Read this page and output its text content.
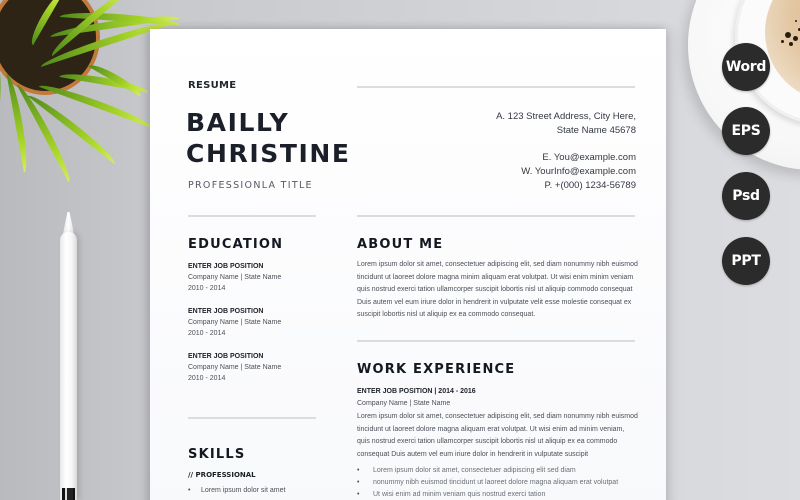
Word
EPS
Psd
PPT
RESUME
BAILLY
CHRISTINE
PROFESSIONLA TITLE
A. 123 Street Address, City Here,
State Name 45678
E. You@example.com
W. YourInfo@example.com
P. +(000) 1234-56789
EDUCATION
ENTER JOB POSITION
Company Name | State Name
2010 - 2014
ENTER JOB POSITION
Company Name | State Name
2010 - 2014
ENTER JOB POSITION
Company Name | State Name
2010 - 2014
SKILLS
// PROFESSIONAL
• Lorem ipsum dolor sit amet
ABOUT ME
Lorem ipsum dolor sit amet, consectetuer adipiscing elit, sed diam nonummy nibh euismod tincidunt ut laoreet dolore magna minim aliquam erat volutpat. Ut wisi enim minim veniam quis nostrud exerci tation ullamcorper suscipit lobortis nisl ut aliquip commodo consequat Duis autem vel eum iriure dolor in hendrerit in vulputate velit esse molestie consequat ex suscipit lobortis nisl ut aliquip ex ea commodo consequat.
WORK EXPERIENCE
ENTER JOB POSITION | 2014 - 2016
Company Name | State Name
Lorem ipsum dolor sit amet, consectetuer adipiscing elit, sed diam nonummy nibh euismod tincidunt ut laoreet dolore magna aliquam erat volutpat. Ut wisi enim ad minim veniam, quis nostrud exerci tation ullamcorper suscipit lobortis nisl ut aliquip ex ea commodo consequat Duis autem vel eum iriure dolor in hendrerit in vulputate suscipit
• Lorem ipsum dolor sit amet, consectetuer adipiscing elit sed diam
• nonummy nibh euismod tincidunt ut laoreet dolore magna aliquam erat volutpat
• Ut wisi enim ad minim veniam quis nostrud exerci tation
